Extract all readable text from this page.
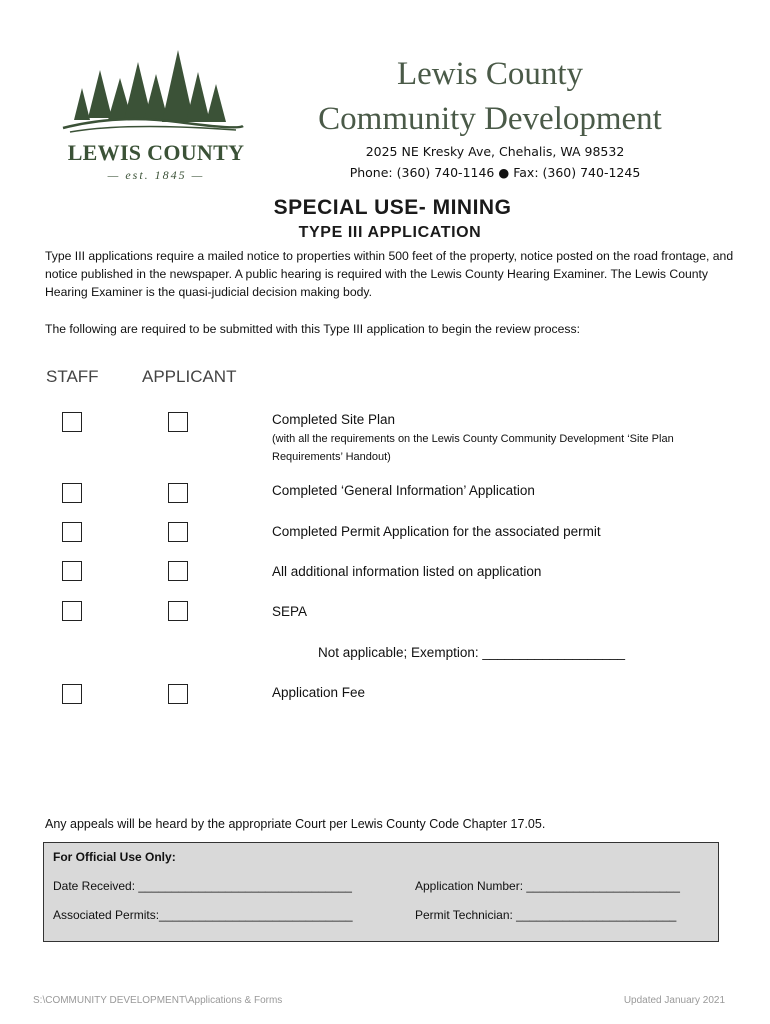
LEWIS COUNTY
— est. 1845 —
Lewis County
Community Development
2025 NE Kresky Ave, Chehalis, WA 98532
Phone: (360) 740-1146 ● Fax: (360) 740-1245
SPECIAL USE- MINING
TYPE III APPLICATION
Type III applications require a mailed notice to properties within 500 feet of the property, notice posted on the road frontage, and notice published in the newspaper. A public hearing is required with the Lewis County Hearing Examiner. The Lewis County Hearing Examiner is the quasi-judicial decision making body.
The following are required to be submitted with this Type III application to begin the review process:
STAFF	APPLICANT
Completed Site Plan
(with all the requirements on the Lewis County Community Development ‘Site Plan Requirements’ Handout)
Completed ‘General Information’ Application
Completed Permit Application for the associated permit
All additional information listed on application
SEPA
Not applicable; Exemption: ___________________
Application Fee
Any appeals will be heard by the appropriate Court per Lewis County Code Chapter 17.05.
For Official Use Only:
Date Received: ________________________________	Application Number: _______________________
Associated Permits:_____________________________	Permit Technician: ________________________
S:\COMMUNITY DEVELOPMENT\Applications & Forms	Updated January 2021
